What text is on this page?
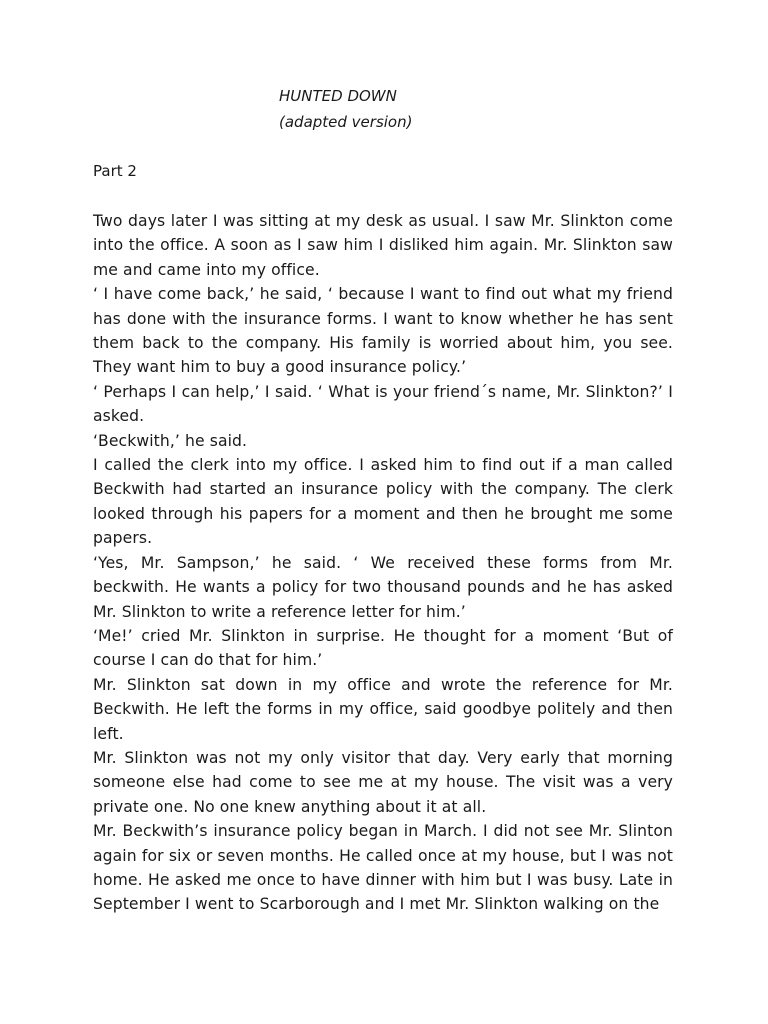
HUNTED DOWN

(adapted version)

Part 2

Two days later I was sitting at my desk as usual. I saw Mr. Slinkton come into the office. A soon as I saw him I disliked him again. Mr. Slinkton saw me and came into my office.

‘ I have come back,’ he said, ‘ because I want to find out what my friend has done with the insurance forms. I want to know whether he has sent them back to the company. His family is worried about him, you see. They want him to buy a good insurance policy.’

‘ Perhaps I can help,’ I said. ‘ What is your friend´s name, Mr. Slinkton?’ I asked.

‘Beckwith,’ he said.

I called the clerk into my office. I asked him to find out if a man called Beckwith had started an insurance policy with the company. The clerk looked through his papers for a moment and then he brought me some papers.

‘Yes, Mr. Sampson,’ he said. ‘ We received these forms from Mr. beckwith. He wants a policy for two thousand pounds and he has asked Mr. Slinkton to write a reference letter for him.’

‘Me!’ cried Mr. Slinkton in surprise. He thought for a moment ‘But of course I can do that for him.’

Mr. Slinkton sat down in my office and wrote the reference for Mr. Beckwith. He left the forms in my office, said goodbye politely and then left.

Mr. Slinkton was not my only visitor that day. Very early that morning someone else had come to see me at my house. The visit was a very private one. No one knew anything about it at all.

Mr. Beckwith’s insurance policy began in March. I did not see Mr. Slinton again for six or seven months. He called once at my house, but I was not home. He asked me once to have dinner with him but I was busy. Late in September I went to Scarborough and I met Mr. Slinkton walking on the
